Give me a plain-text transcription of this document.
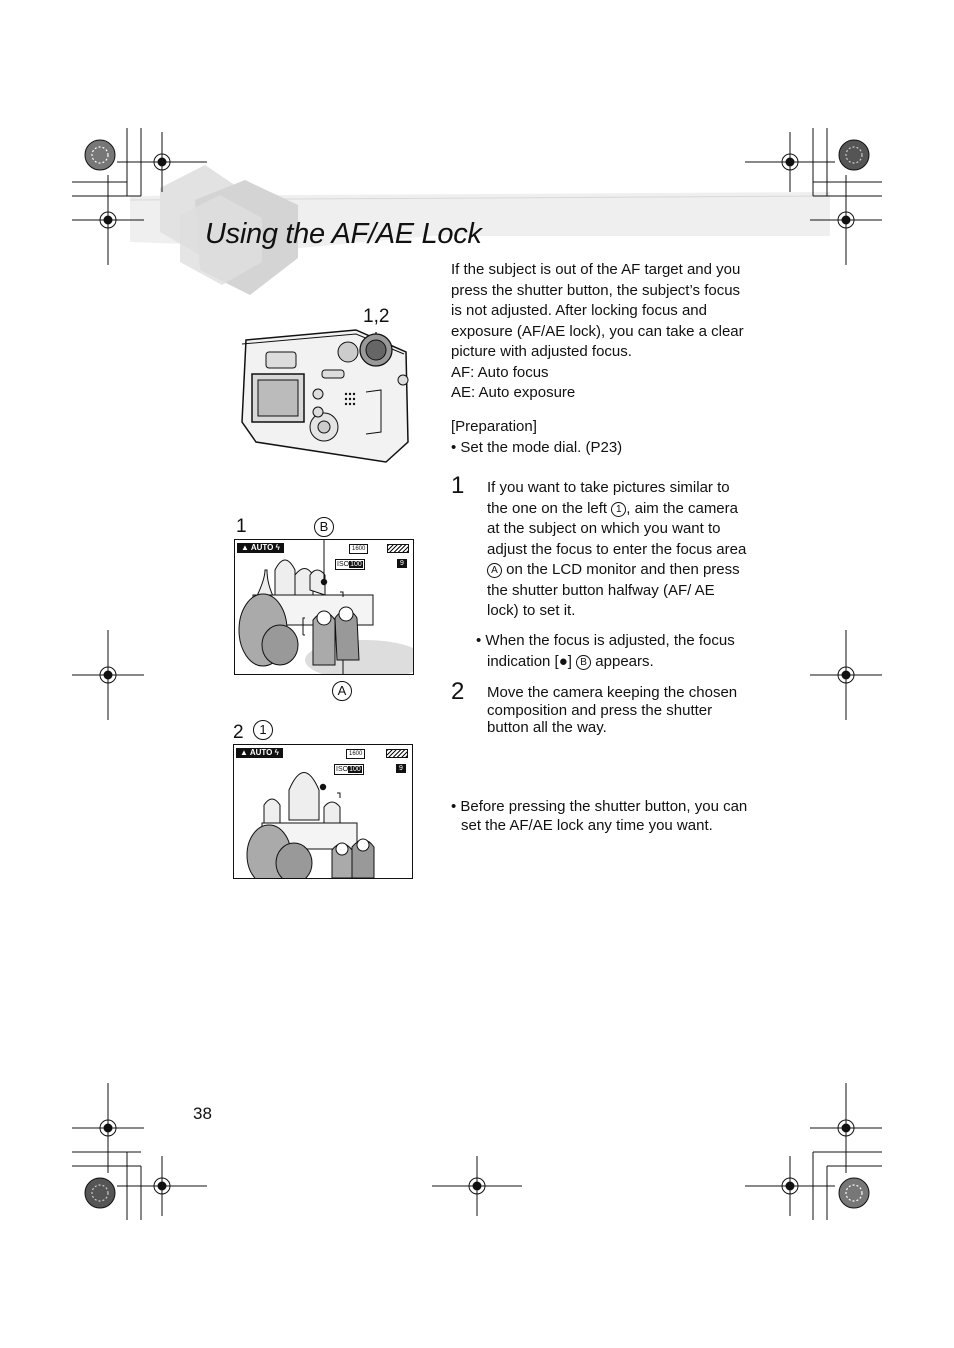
Using the AF/AE Lock
1,2
1	B
▲ AUTO ϟ	1600
ISO100	9
A
2	1
▲ AUTO ϟ	1600
ISO100	9
If the subject is out of the AF target and you press the shutter button, the subject’s focus is not adjusted. After locking focus and exposure (AF/AE lock), you can take a clear picture with adjusted focus.
AF: Auto focus
AE: Auto exposure
[Preparation]
• Set the mode dial. (P23)
1 If you want to take pictures similar to the one on the left 1 , aim the camera at the subject on which you want to adjust the focus to enter the focus area A on the LCD monitor and then press the shutter button halfway (AF/ AE lock) to set it.
• When the focus is adjusted, the focus indication [●] B appears.
2 Move the camera keeping the chosen composition and press the shutter button all the way.
• Before pressing the shutter button, you can set the AF/AE lock any time you want.
38
